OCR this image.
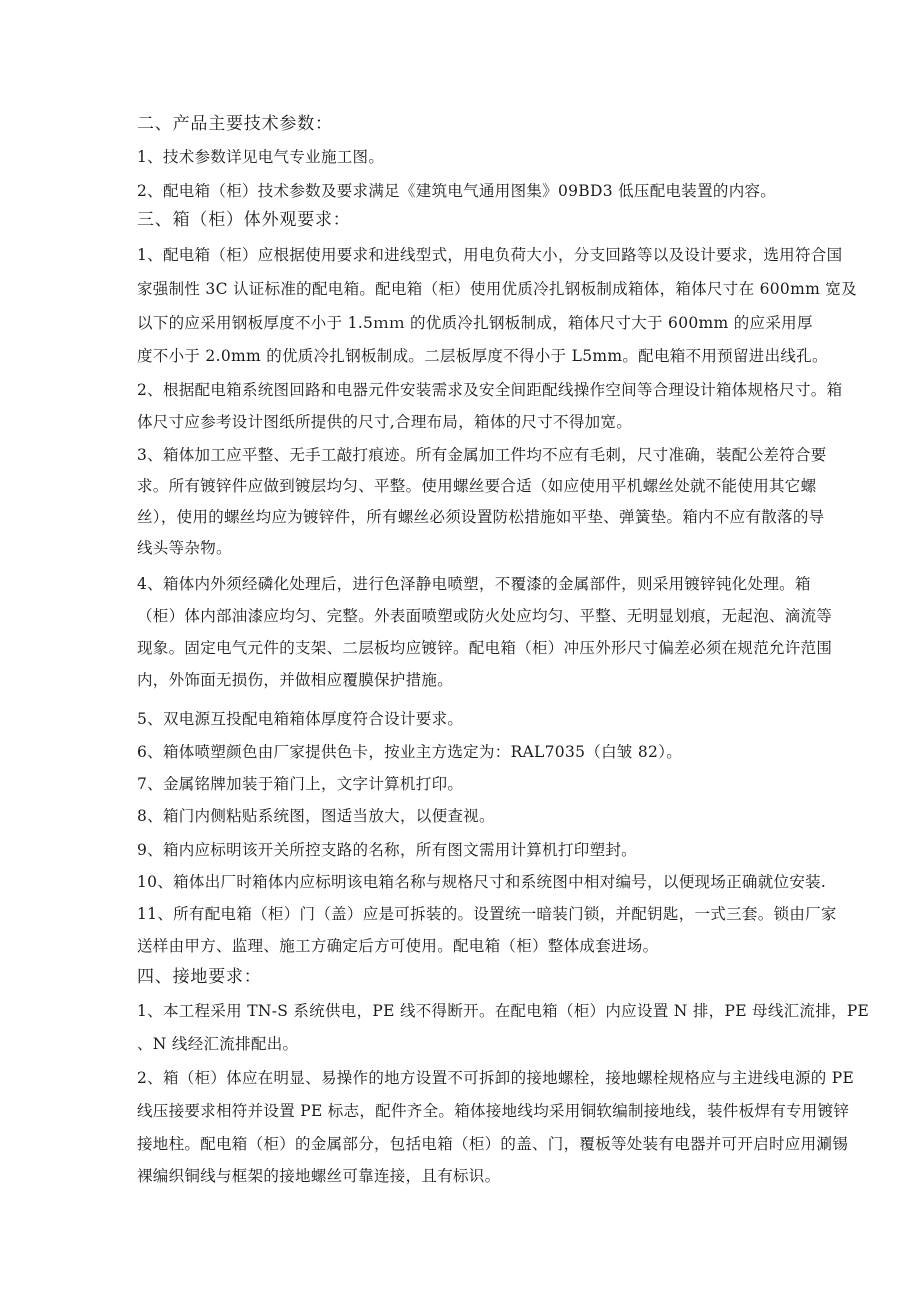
二、产品主要技术参数：
1、技术参数详见电气专业施工图。
2、配电箱（柜）技术参数及要求满足《建筑电气通用图集》09BD3 低压配电装置的内容。
三、箱（柜）体外观要求：
1、配电箱（柜）应根据使用要求和进线型式，用电负荷大小，分支回路等以及设计要求，选用符合国
家强制性 3C 认证标准的配电箱。配电箱（柜）使用优质冷扎钢板制成箱体，箱体尺寸在 600mm 宽及
以下的应采用钢板厚度不小于 1.5ｍｍ 的优质冷扎钢板制成，箱体尺寸大于 600mm 的应采用厚
度不小于 2.0mm 的优质冷扎钢板制成。二层板厚度不得小于 L5mm。配电箱不用预留进出线孔。
2、根据配电箱系统图回路和电器元件安装需求及安全间距配线操作空间等合理设计箱体规格尺寸。箱
体尺寸应参考设计图纸所提供的尺寸,合理布局，箱体的尺寸不得加宽。
3、箱体加工应平整、无手工敲打痕迹。所有金属加工件均不应有毛刺，尺寸准确，装配公差符合要
求。所有镀锌件应做到镀层均匀、平整。使用螺丝要合适（如应使用平机螺丝处就不能使用其它螺
丝），使用的螺丝均应为镀锌件，所有螺丝必须设置防松措施如平垫、弹簧垫。箱内不应有散落的导
线头等杂物。
4、箱体内外须经磷化处理后，进行色泽静电喷塑，不覆漆的金属部件，则采用镀锌钝化处理。箱
（柜）体内部油漆应均匀、完整。外表面喷塑或防火处应均匀、平整、无明显划痕，无起泡、滴流等
现象。固定电气元件的支架、二层板均应镀锌。配电箱（柜）冲压外形尺寸偏差必须在规范允许范围
内，外饰面无损伤，并做相应覆膜保护措施。
5、双电源互投配电箱箱体厚度符合设计要求。
6、箱体喷塑颜色由厂家提供色卡，按业主方选定为：RAL7035（白皱 82）。
7、金属铭牌加装于箱门上，文字计算机打印。
8、箱门内侧粘贴系统图，图适当放大，以便查视。
9、箱内应标明该开关所控支路的名称，所有图文需用计算机打印塑封。
10、箱体出厂时箱体内应标明该电箱名称与规格尺寸和系统图中相对编号，以便现场正确就位安装.
11、所有配电箱（柜）门（盖）应是可拆装的。设置统一暗装门锁，并配钥匙，一式三套。锁由厂家
送样由甲方、监理、施工方确定后方可使用。配电箱（柜）整体成套进场。
四、接地要求：
1、本工程采用 TN-S 系统供电，PE 线不得断开。在配电箱（柜）内应设置 N 排，PE 母线汇流排，PE
、N 线经汇流排配出。
2、箱（柜）体应在明显、易操作的地方设置不可拆卸的接地螺栓，接地螺栓规格应与主进线电源的 PE
线压接要求相符并设置 PE 标志，配件齐全。箱体接地线均采用铜软编制接地线，装件板焊有专用镀锌
接地柱。配电箱（柜）的金属部分，包括电箱（柜）的盖、门，覆板等处装有电器并可开启时应用涮锡
裸编织铜线与框架的接地螺丝可靠连接，且有标识。
